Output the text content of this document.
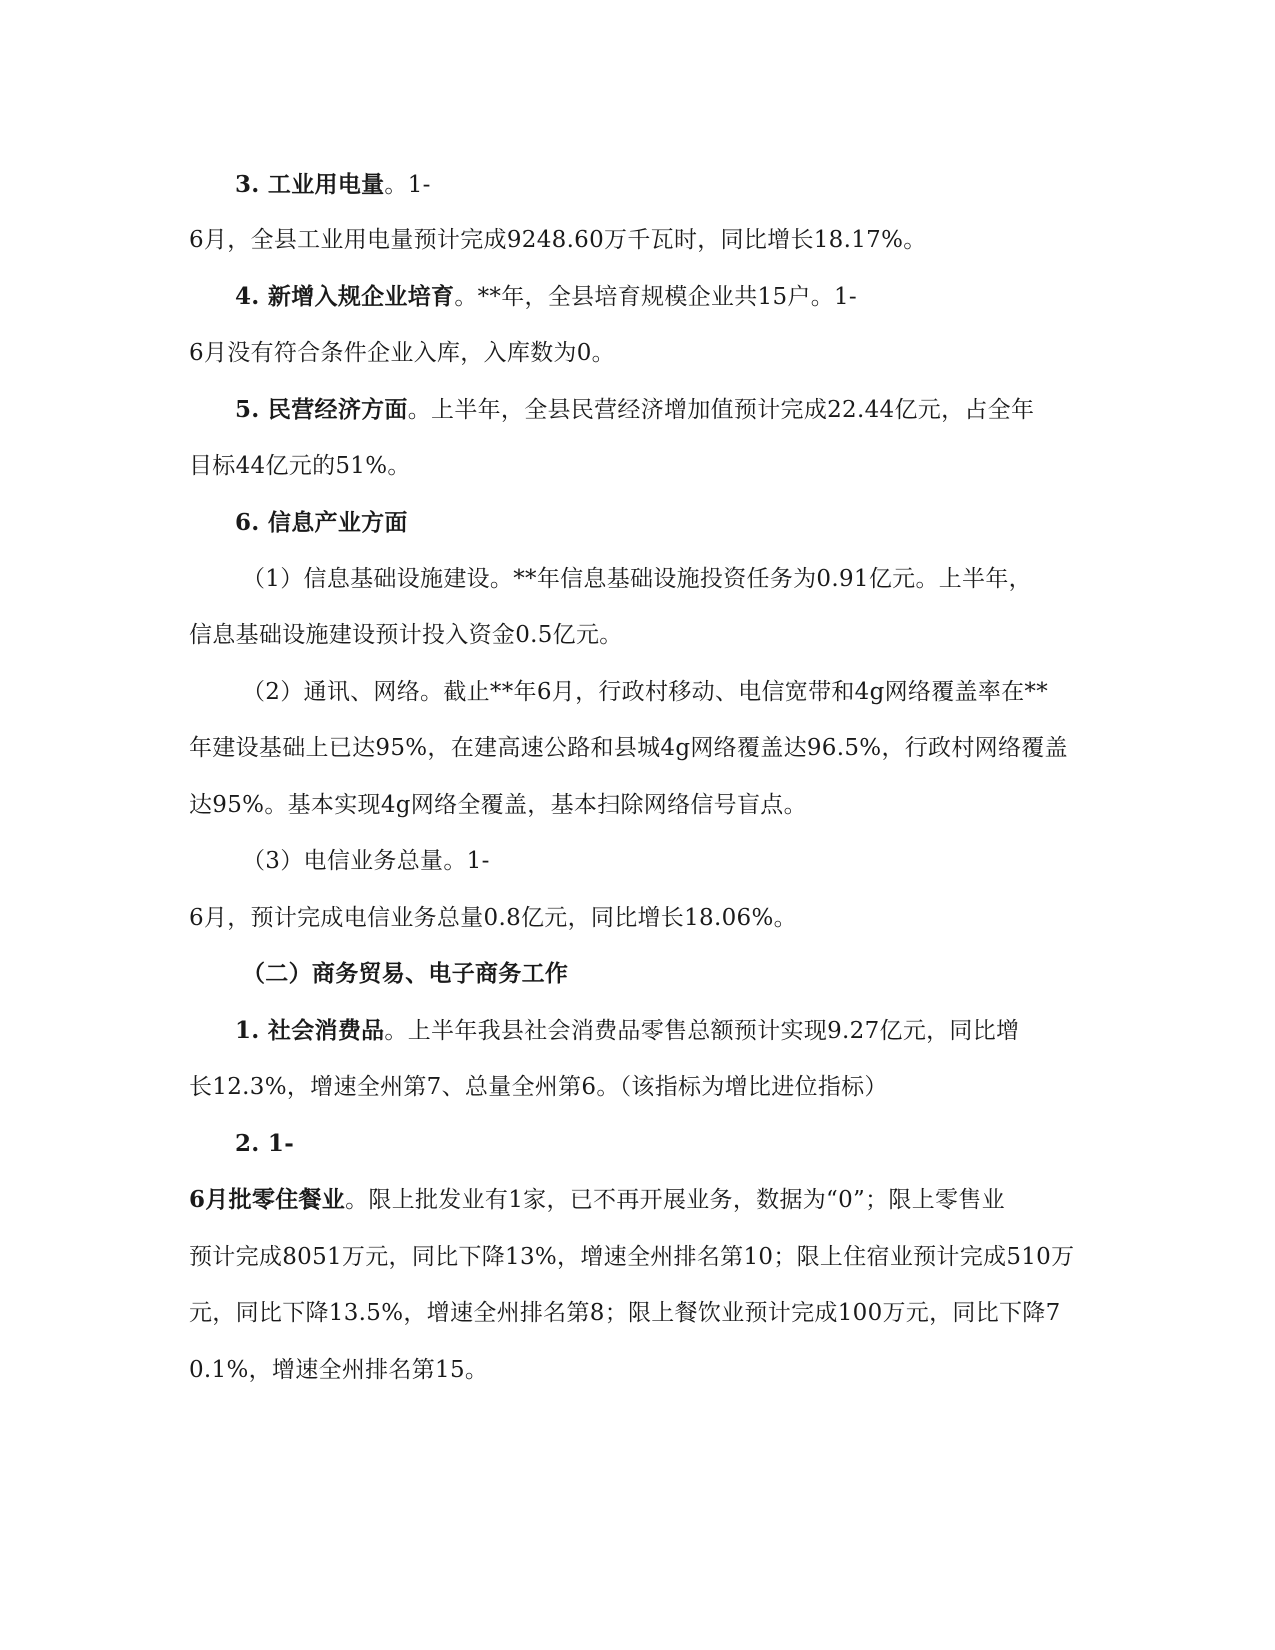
3. 工业用电量。1-
6月，全县工业用电量预计完成9248.60万千瓦时，同比增长18.17%。
4. 新增入规企业培育。**年，全县培育规模企业共15户。1-
6月没有符合条件企业入库，入库数为0。
5. 民营经济方面。上半年，全县民营经济增加值预计完成22.44亿元，占全年
目标44亿元的51%。
6. 信息产业方面
（1）信息基础设施建设。**年信息基础设施投资任务为0.91亿元。上半年，
信息基础设施建设预计投入资金0.5亿元。
（2）通讯、网络。截止**年6月，行政村移动、电信宽带和4g网络覆盖率在**
年建设基础上已达95%，在建高速公路和县城4g网络覆盖达96.5%，行政村网络覆盖
达95%。基本实现4g网络全覆盖，基本扫除网络信号盲点。
（3）电信业务总量。1-
6月，预计完成电信业务总量0.8亿元，同比增长18.06%。
（二）商务贸易、电子商务工作
1. 社会消费品。上半年我县社会消费品零售总额预计实现9.27亿元，同比增
长12.3%，增速全州第7、总量全州第6。（该指标为增比进位指标）
2. 1-
6月批零住餐业。限上批发业有1家，已不再开展业务，数据为“0”；限上零售业
预计完成8051万元，同比下降13%，增速全州排名第10；限上住宿业预计完成510万
元，同比下降13.5%，增速全州排名第8；限上餐饮业预计完成100万元，同比下降7
0.1%，增速全州排名第15。
